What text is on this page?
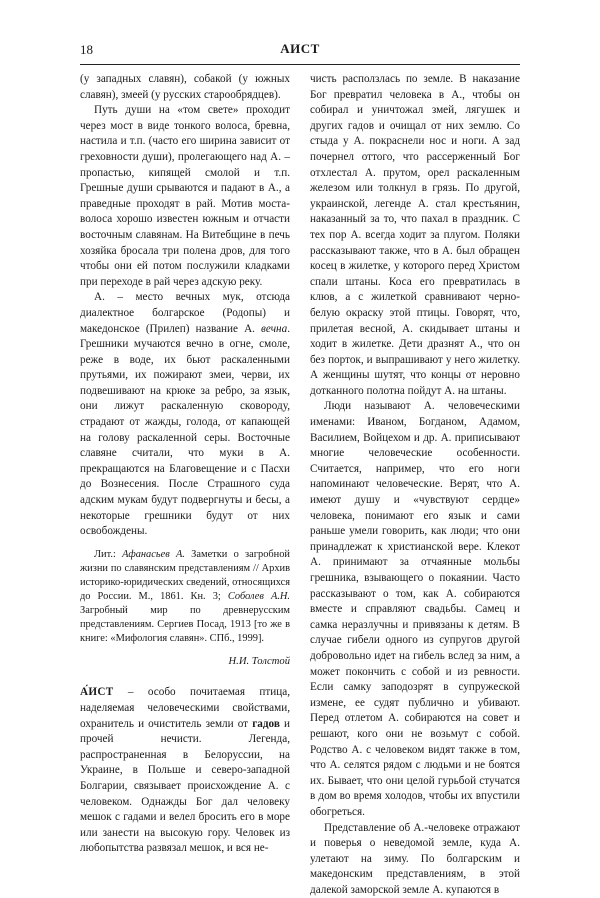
18	АИСТ

(у западных славян), собакой (у южных славян), змеей (у русских старообрядцев).

Путь души на «том свете» проходит через мост в виде тонкого волоса, бревна, настила и т.п. (часто его ширина зависит от греховности души), пролегающего над А. – пропастью, кипящей смолой и т.п. Грешные души срываются и падают в А., а праведные проходят в рай. Мотив моста-волоса хорошо известен южным и отчасти восточным славянам. На Витебщине в печь хозяйка бросала три полена дров, для того чтобы они ей потом послужили кладками при переходе в рай через адскую реку.

А. – место вечных мук, отсюда диалектное болгарское (Родопы) и македонское (Прилеп) название А. вечна. Грешники мучаются вечно в огне, смоле, реже в воде, их бьют раскаленными прутьями, их пожирают змеи, черви, их подвешивают на крюке за ребро, за язык, они лижут раскаленную сковороду, страдают от жажды, голода, от капающей на голову раскаленной серы. Восточные славяне считали, что муки в А. прекращаются на Благовещение и с Пасхи до Вознесения. После Страшного суда адским мукам будут подвергнуты и бесы, а некоторые грешники будут от них освобождены.

Лит.: Афанасьев А. Заметки о загробной жизни по славянским представлениям // Архив историко-юридических сведений, относящихся до России. М., 1861. Кн. 3; Соболев А.Н. Загробный мир по древнерусским представлениям. Сергиев Посад, 1913 [то же в книге: «Мифология славян». СПб., 1999].

Н.И. Толстой

А́ИСТ – особо почитаемая птица, наделяемая человеческими свойствами, охранитель и очиститель земли от гадов и прочей нечисти. Легенда, распространенная в Белоруссии, на Украине, в Польше и северо-западной Болгарии, связывает происхождение А. с человеком. Однажды Бог дал человеку мешок с гадами и велел бросить его в море или занести на высокую гору. Человек из любопытства развязал мешок, и вся не-

чисть расползлась по земле. В наказание Бог превратил человека в А., чтобы он собирал и уничтожал змей, лягушек и других гадов и очищал от них землю. Со стыда у А. покраснели нос и ноги. А зад почернел оттого, что рассерженный Бог отхлестал А. прутом, орел раскаленным железом или толкнул в грязь. По другой, украинской, легенде А. стал крестьянин, наказанный за то, что пахал в праздник. С тех пор А. всегда ходит за плугом. Поляки рассказывают также, что в А. был обращен косец в жилетке, у которого перед Христом спали штаны. Коса его превратилась в клюв, а с жилеткой сравнивают черно-белую окраску этой птицы. Говорят, что, прилетая весной, А. скидывает штаны и ходит в жилетке. Дети дразнят А., что он без порток, и выпрашивают у него жилетку. А женщины шутят, что концы от неровно дотканного полотна пойдут А. на штаны.

Люди называют А. человеческими именами: Иваном, Богданом, Адамом, Василием, Войцехом и др. А. приписывают многие человеческие особенности. Считается, например, что его ноги напоминают человеческие. Верят, что А. имеют душу и «чувствуют сердце» человека, понимают его язык и сами раньше умели говорить, как люди; что они принадлежат к христианской вере. Клекот А. принимают за отчаянные мольбы грешника, взывающего о покаянии. Часто рассказывают о том, как А. собираются вместе и справляют свадьбы. Самец и самка неразлучны и привязаны к детям. В случае гибели одного из супругов другой добровольно идет на гибель вслед за ним, а может покончить с собой и из ревности. Если самку заподозрят в супружеской измене, ее судят публично и убивают. Перед отлетом А. собираются на совет и решают, кого они не возьмут с собой. Родство А. с человеком видят также в том, что А. селятся рядом с людьми и не боятся их. Бывает, что они целой гурьбой стучатся в дом во время холодов, чтобы их впустили обогреться.

Представление об А.-человеке отражают и поверья о неведомой земле, куда А. улетают на зиму. По болгарским и македонским представлениям, в этой далекой заморской земле А. купаются в
